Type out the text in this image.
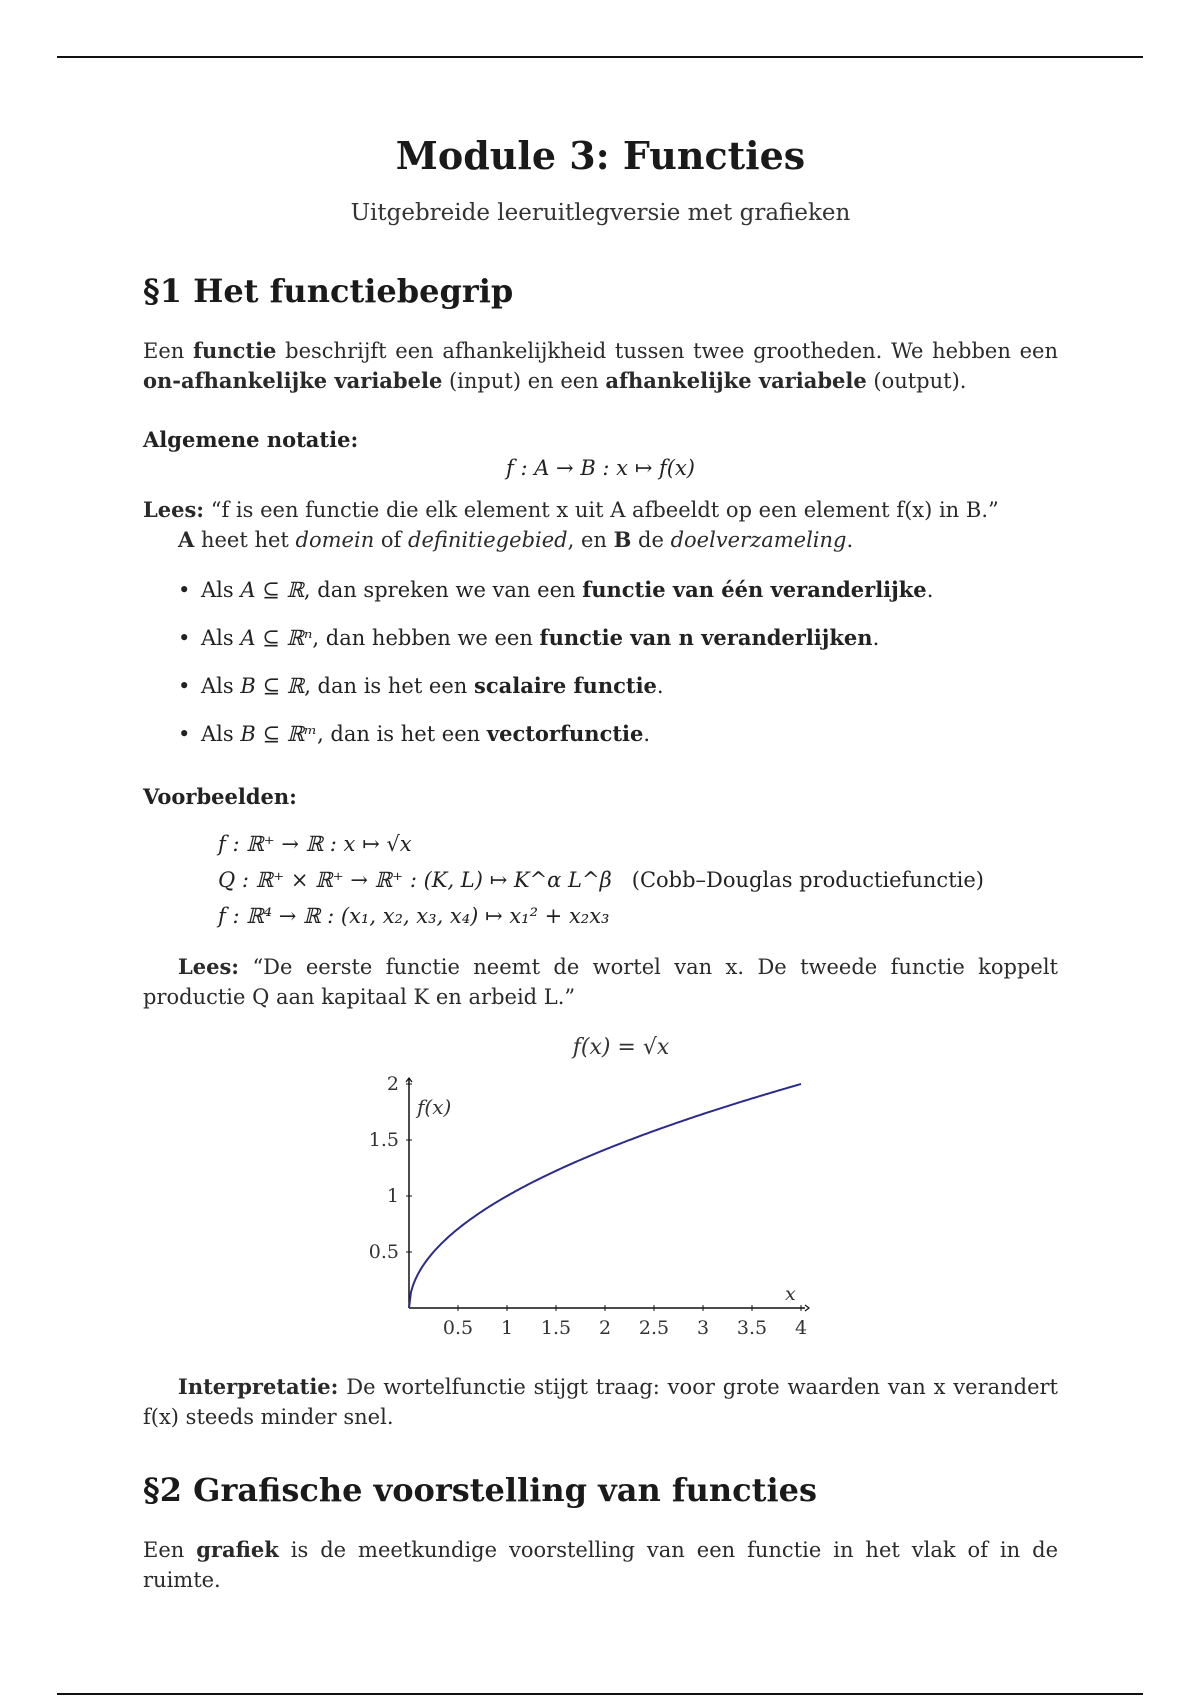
Module 3: Functies
Uitgebreide leeruitlegversie met grafieken
§1 Het functiebegrip
Een functie beschrijft een afhankelijkheid tussen twee grootheden. We hebben een on-afhankelijke variabele (input) en een afhankelijke variabele (output).
Algemene notatie:
f : A → B : x ↦ f(x)
Lees: “f is een functie die elk element x uit A afbeeldt op een element f(x) in B.”
A heet het domein of definitiegebied, en B de doelverzameling.
• Als A ⊆ ℝ, dan spreken we van een functie van één veranderlijke.
• Als A ⊆ ℝⁿ, dan hebben we een functie van n veranderlijken.
• Als B ⊆ ℝ, dan is het een scalaire functie.
• Als B ⊆ ℝᵐ, dan is het een vectorfunctie.
Voorbeelden:
f : ℝ⁺ → ℝ : x ↦ √x
Q : ℝ⁺ × ℝ⁺ → ℝ⁺ : (K, L) ↦ K^α L^β (Cobb–Douglas productiefunctie)
f : ℝ⁴ → ℝ : (x₁, x₂, x₃, x₄) ↦ x₁² + x₂x₃
Lees: “De eerste functie neemt de wortel van x. De tweede functie koppelt productie Q aan kapitaal K en arbeid L.”
f(x) = √x
0.5 1 1.5 2 2.5 3 3.5 4
0.5
1
1.5
2
x
f(x)
Interpretatie: De wortelfunctie stijgt traag: voor grote waarden van x verandert f(x) steeds minder snel.
§2 Grafische voorstelling van functies
Een grafiek is de meetkundige voorstelling van een functie in het vlak of in de ruimte.
